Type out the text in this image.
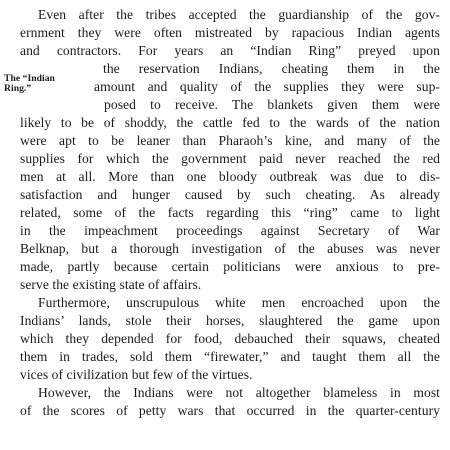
The “Indian
Ring.”
Even after the tribes accepted the guardianship of the gov-
ernment they were often mistreated by rapacious Indian agents
and contractors. For years an “Indian Ring” preyed upon
the reservation Indians, cheating them in the
amount and quality of the supplies they were sup-
posed to receive. The blankets given them were
likely to be of shoddy, the cattle fed to the wards of the nation
were apt to be leaner than Pharaoh’s kine, and many of the
supplies for which the government paid never reached the red
men at all. More than one bloody outbreak was due to dis-
satisfaction and hunger caused by such cheating. As already
related, some of the facts regarding this “ring” came to light
in the impeachment proceedings against Secretary of War
Belknap, but a thorough investigation of the abuses was never
made, partly because certain politicians were anxious to pre-
serve the existing state of affairs.
Furthermore, unscrupulous white men encroached upon the
Indians’ lands, stole their horses, slaughtered the game upon
which they depended for food, debauched their squaws, cheated
them in trades, sold them “firewater,” and taught them all the
vices of civilization but few of the virtues.
However, the Indians were not altogether blameless in most
of the scores of petty wars that occurred in the quarter-century
